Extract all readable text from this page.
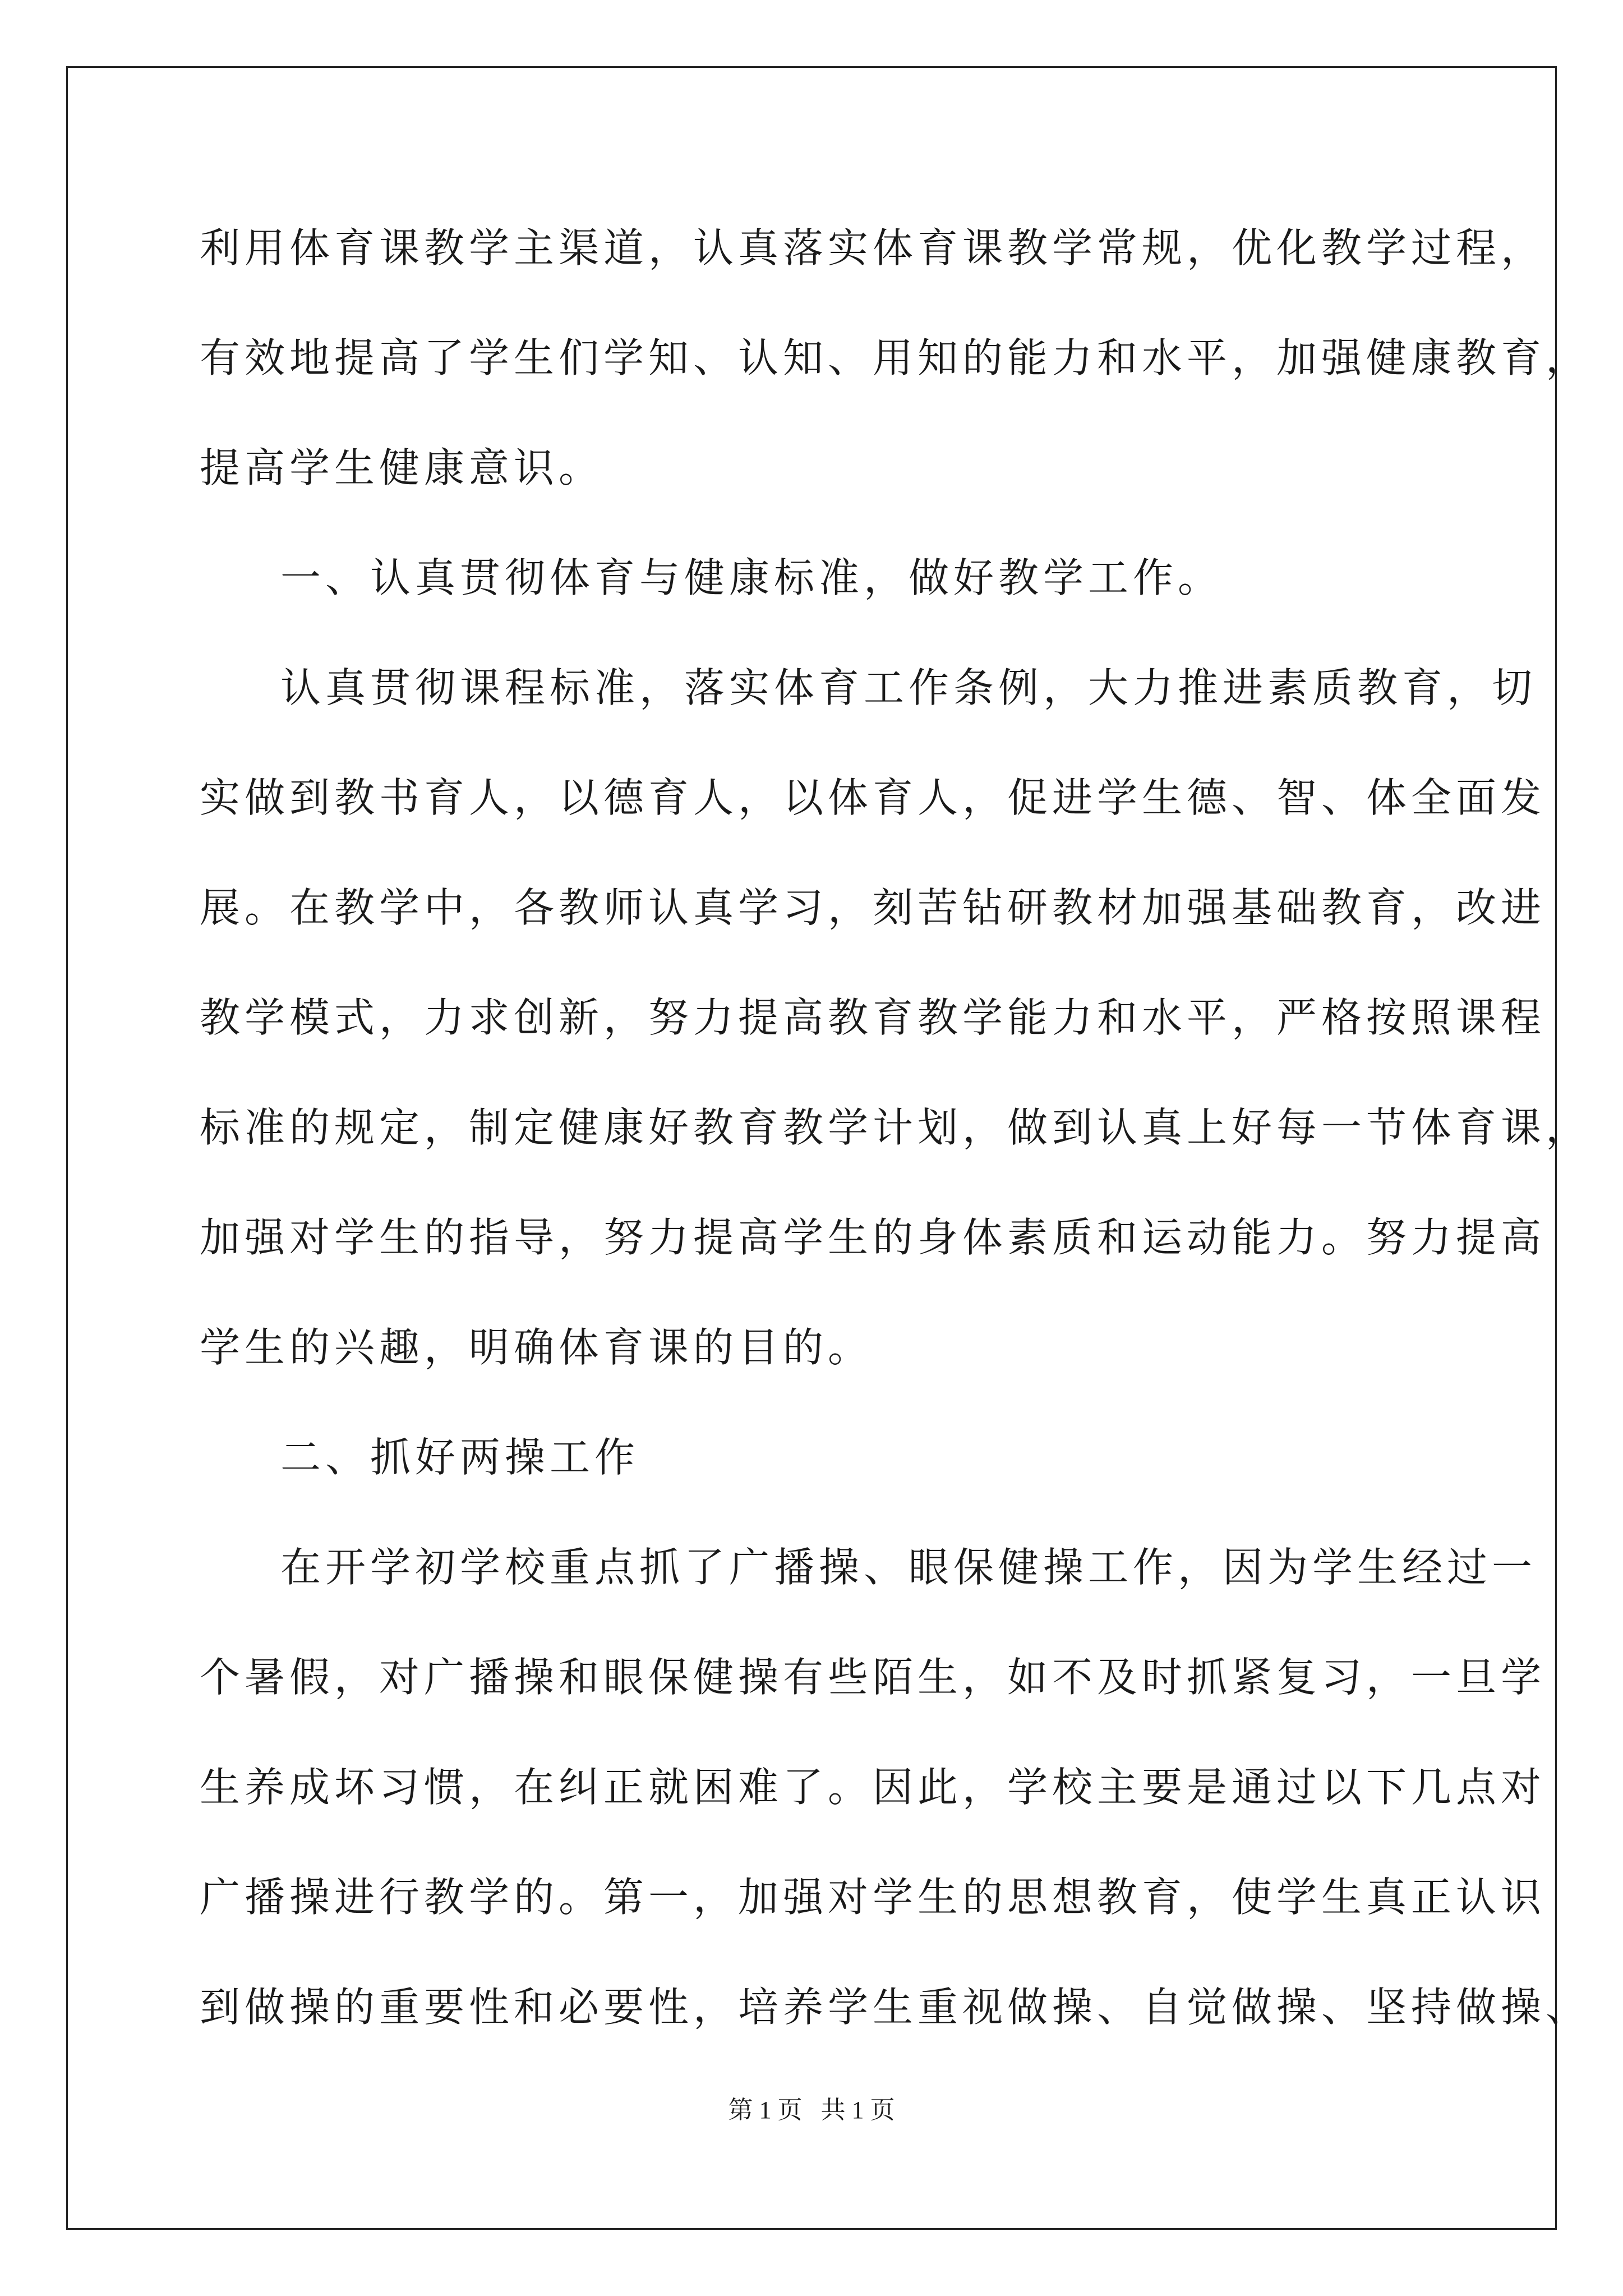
利用体育课教学主渠道，认真落实体育课教学常规，优化教学过程，
有效地提高了学生们学知、认知、用知的能力和水平，加强健康教育，
提高学生健康意识。
一、认真贯彻体育与健康标准，做好教学工作。
认真贯彻课程标准，落实体育工作条例，大力推进素质教育，切
实做到教书育人，以德育人，以体育人，促进学生德、智、体全面发
展。在教学中，各教师认真学习，刻苦钻研教材加强基础教育，改进
教学模式，力求创新，努力提高教育教学能力和水平，严格按照课程
标准的规定，制定健康好教育教学计划，做到认真上好每一节体育课，
加强对学生的指导，努力提高学生的身体素质和运动能力。努力提高
学生的兴趣，明确体育课的目的。
二、抓好两操工作
在开学初学校重点抓了广播操、眼保健操工作，因为学生经过一
个暑假，对广播操和眼保健操有些陌生，如不及时抓紧复习，一旦学
生养成坏习惯，在纠正就困难了。因此，学校主要是通过以下几点对
广播操进行教学的。第一，加强对学生的思想教育，使学生真正认识
到做操的重要性和必要性，培养学生重视做操、自觉做操、坚持做操、
第 1 页   共 1 页
